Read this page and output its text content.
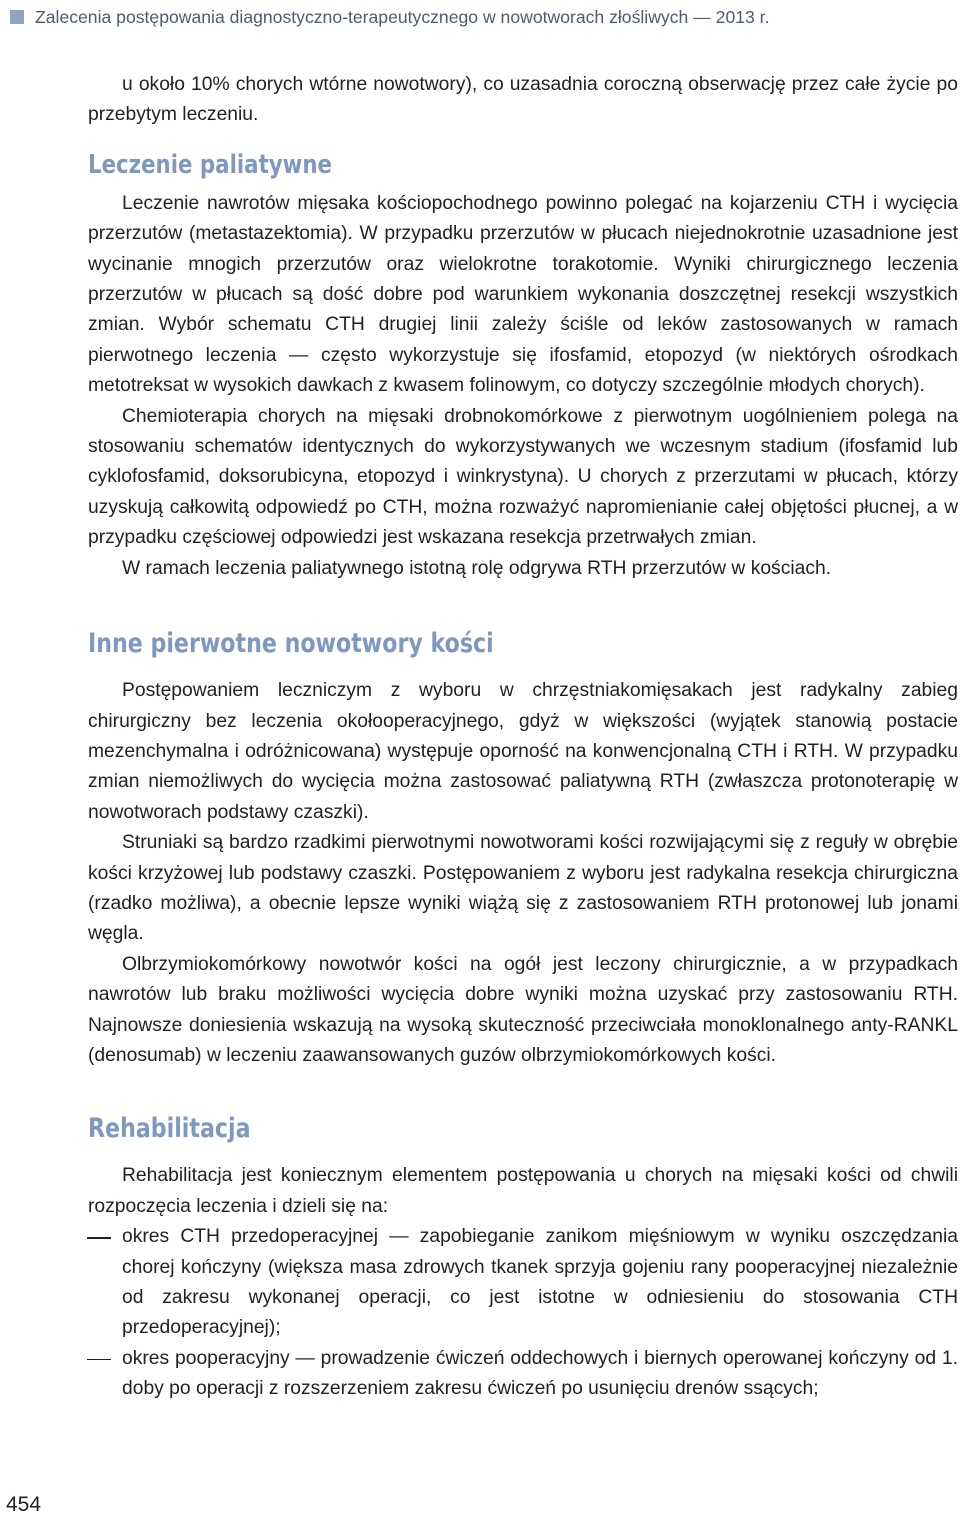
Zalecenia postępowania diagnostyczno-terapeutycznego w nowotworach złośliwych — 2013 r.

u około 10% chorych wtórne nowotwory), co uzasadnia coroczną obserwację przez całe życie po przebytym leczeniu.

Leczenie paliatywne

Leczenie nawrotów mięsaka kościopochodnego powinno polegać na kojarzeniu CTH i wycięcia przerzutów (metastazektomia). W przypadku przerzutów w płucach niejednokrotnie uzasadnione jest wycinanie mnogich przerzutów oraz wielokrotne torakotomie. Wyniki chirurgicznego leczenia przerzutów w płucach są dość dobre pod warunkiem wykonania doszczętnej resekcji wszystkich zmian. Wybór schematu CTH drugiej linii zależy ściśle od leków zastosowanych w ramach pierwotnego leczenia — często wykorzystuje się ifosfamid, etopozyd (w niektórych ośrodkach metotreksat w wysokich dawkach z kwasem folinowym, co dotyczy szczególnie młodych chorych).

Chemioterapia chorych na mięsaki drobnokomórkowe z pierwotnym uogólnieniem polega na stosowaniu schematów identycznych do wykorzystywanych we wczesnym stadium (ifosfamid lub cyklofosfamid, doksorubicyna, etopozyd i winkrystyna). U chorych z przerzutami w płucach, którzy uzyskują całkowitą odpowiedź po CTH, można rozważyć napromienianie całej objętości płucnej, a w przypadku częściowej odpowiedzi jest wskazana resekcja przetrwałych zmian.

W ramach leczenia paliatywnego istotną rolę odgrywa RTH przerzutów w kościach.

Inne pierwotne nowotwory kości

Postępowaniem leczniczym z wyboru w chrzęstniakomięsakach jest radykalny zabieg chirurgiczny bez leczenia okołooperacyjnego, gdyż w większości (wyjątek stanowią postacie mezenchymalna i odróżnicowana) występuje oporność na konwencjonalną CTH i RTH. W przypadku zmian niemożliwych do wycięcia można zastosować paliatywną RTH (zwłaszcza protonoterapię w nowotworach podstawy czaszki).

Struniaki są bardzo rzadkimi pierwotnymi nowotworami kości rozwijającymi się z reguły w obrębie kości krzyżowej lub podstawy czaszki. Postępowaniem z wyboru jest radykalna resekcja chirurgiczna (rzadko możliwa), a obecnie lepsze wyniki wiążą się z zastosowaniem RTH protonowej lub jonami węgla.

Olbrzymiokomórkowy nowotwór kości na ogół jest leczony chirurgicznie, a w przypadkach nawrotów lub braku możliwości wycięcia dobre wyniki można uzyskać przy zastosowaniu RTH. Najnowsze doniesienia wskazują na wysoką skuteczność przeciwciała monoklonalnego anty-RANKL (denosumab) w leczeniu zaawansowanych guzów olbrzymiokomórkowych kości.

Rehabilitacja

Rehabilitacja jest koniecznym elementem postępowania u chorych na mięsaki kości od chwili rozpoczęcia leczenia i dzieli się na:

okres CTH przedoperacyjnej — zapobieganie zanikom mięśniowym w wyniku oszczędzania chorej kończyny (większa masa zdrowych tkanek sprzyja gojeniu rany pooperacyjnej niezależnie od zakresu wykonanej operacji, co jest istotne w odniesieniu do stosowania CTH przedoperacyjnej);
okres pooperacyjny — prowadzenie ćwiczeń oddechowych i biernych operowanej kończyny od 1. doby po operacji z rozszerzeniem zakresu ćwiczeń po usunięciu drenów ssących;
454
